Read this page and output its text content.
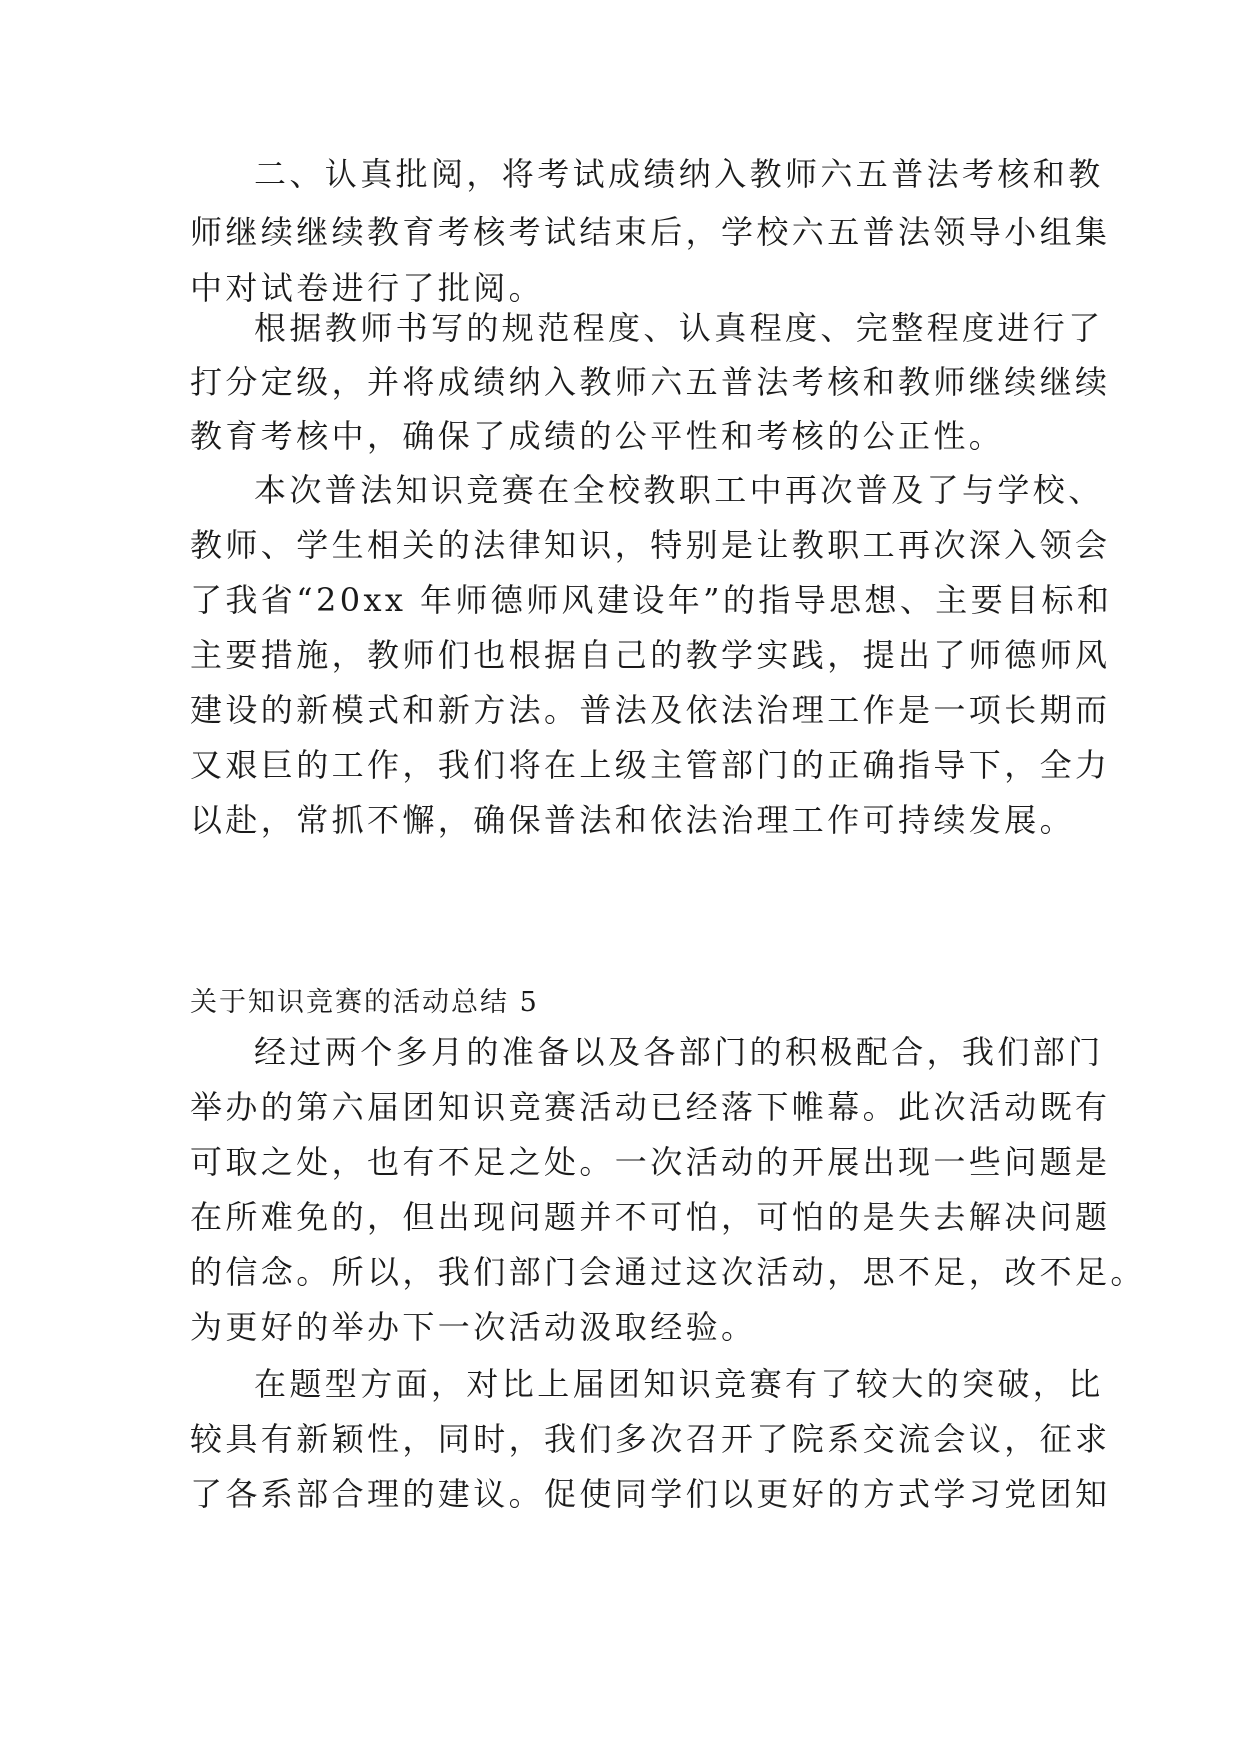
二、认真批阅，将考试成绩纳入教师六五普法考核和教

师继续继续教育考核考试结束后，学校六五普法领导小组集

中对试卷进行了批阅。

根据教师书写的规范程度、认真程度、完整程度进行了

打分定级，并将成绩纳入教师六五普法考核和教师继续继续

教育考核中，确保了成绩的公平性和考核的公正性。

本次普法知识竞赛在全校教职工中再次普及了与学校、

教师、学生相关的法律知识，特别是让教职工再次深入领会

了我省“20xx 年师德师风建设年”的指导思想、主要目标和

主要措施，教师们也根据自己的教学实践，提出了师德师风

建设的新模式和新方法。普法及依法治理工作是一项长期而

又艰巨的工作，我们将在上级主管部门的正确指导下，全力

以赴，常抓不懈，确保普法和依法治理工作可持续发展。

关于知识竞赛的活动总结 5

经过两个多月的准备以及各部门的积极配合，我们部门

举办的第六届团知识竞赛活动已经落下帷幕。此次活动既有

可取之处，也有不足之处。一次活动的开展出现一些问题是

在所难免的，但出现问题并不可怕，可怕的是失去解决问题

的信念。所以，我们部门会通过这次活动，思不足，改不足。

为更好的举办下一次活动汲取经验。

在题型方面，对比上届团知识竞赛有了较大的突破，比

较具有新颖性，同时，我们多次召开了院系交流会议，征求

了各系部合理的建议。促使同学们以更好的方式学习党团知
